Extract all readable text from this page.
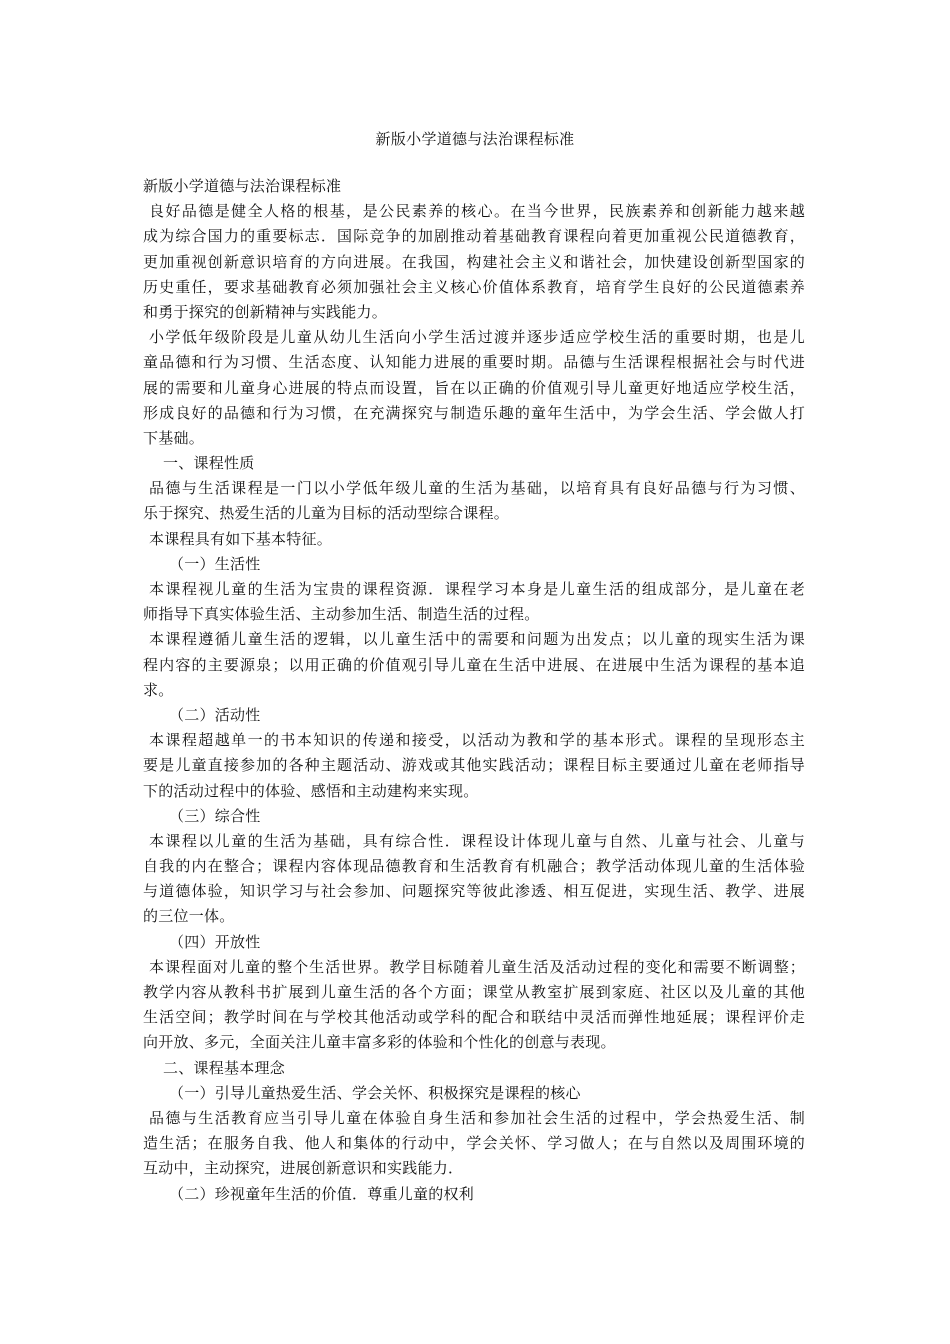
新版小学道德与法治课程标准
新版小学道德与法治课程标准
良好品德是健全人格的根基，是公民素养的核心。在当今世界，民族素养和创新能力越来越
成为综合国力的重要标志．国际竞争的加剧推动着基础教育课程向着更加重视公民道德教育，
更加重视创新意识培育的方向进展。在我国，构建社会主义和谐社会，加快建设创新型国家的
历史重任，要求基础教育必须加强社会主义核心价值体系教育，培育学生良好的公民道德素养
和勇于探究的创新精神与实践能力。
小学低年级阶段是儿童从幼儿生活向小学生活过渡并逐步适应学校生活的重要时期，也是儿
童品德和行为习惯、生活态度、认知能力进展的重要时期。品德与生活课程根据社会与时代进
展的需要和儿童身心进展的特点而设置，旨在以正确的价值观引导儿童更好地适应学校生活，
形成良好的品德和行为习惯，在充满探究与制造乐趣的童年生活中，为学会生活、学会做人打
下基础。
一、课程性质
品德与生活课程是一门以小学低年级儿童的生活为基础，以培育具有良好品德与行为习惯、
乐于探究、热爱生活的儿童为目标的活动型综合课程。
本课程具有如下基本特征。
（一）生活性
本课程视儿童的生活为宝贵的课程资源．课程学习本身是儿童生活的组成部分，是儿童在老
师指导下真实体验生活、主动参加生活、制造生活的过程。
本课程遵循儿童生活的逻辑，以儿童生活中的需要和问题为出发点；以儿童的现实生活为课
程内容的主要源泉；以用正确的价值观引导儿童在生活中进展、在进展中生活为课程的基本追
求。
（二）活动性
本课程超越单一的书本知识的传递和接受，以活动为教和学的基本形式。课程的呈现形态主
要是儿童直接参加的各种主题活动、游戏或其他实践活动；课程目标主要通过儿童在老师指导
下的活动过程中的体验、感悟和主动建构来实现。
（三）综合性
本课程以儿童的生活为基础，具有综合性．课程设计体现儿童与自然、儿童与社会、儿童与
自我的内在整合；课程内容体现品德教育和生活教育有机融合；教学活动体现儿童的生活体验
与道德体验，知识学习与社会参加、问题探究等彼此渗透、相互促进，实现生活、教学、进展
的三位一体。
（四）开放性
本课程面对儿童的整个生活世界。教学目标随着儿童生活及活动过程的变化和需要不断调整；
教学内容从教科书扩展到儿童生活的各个方面；课堂从教室扩展到家庭、社区以及儿童的其他
生活空间；教学时间在与学校其他活动或学科的配合和联结中灵活而弹性地延展；课程评价走
向开放、多元，全面关注儿童丰富多彩的体验和个性化的创意与表现。
二、课程基本理念
（一）引导儿童热爱生活、学会关怀、积极探究是课程的核心
品德与生活教育应当引导儿童在体验自身生活和参加社会生活的过程中，学会热爱生活、制
造生活；在服务自我、他人和集体的行动中，学会关怀、学习做人；在与自然以及周围环境的
互动中，主动探究，进展创新意识和实践能力．
（二）珍视童年生活的价值．尊重儿童的权利
